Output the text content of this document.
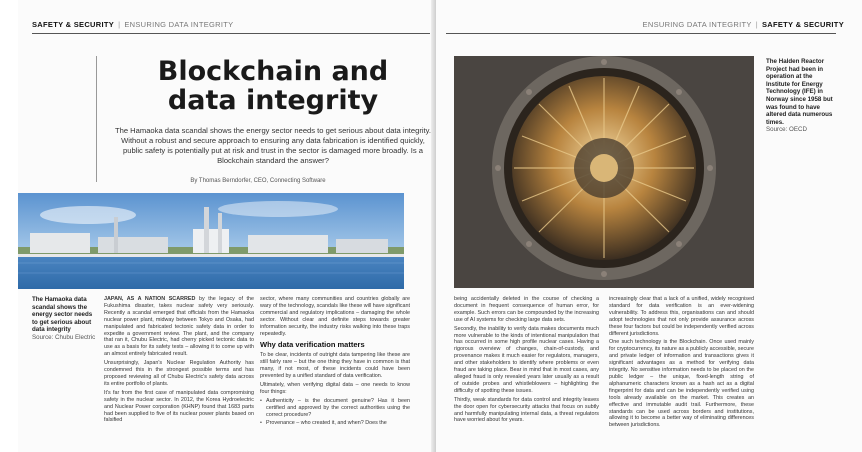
SAFETY & SECURITY | ENSURING DATA INTEGRITY
Blockchain and
data integrity
The Hamaoka data scandal shows the energy sector needs to get serious about data integrity. Without a robust and secure approach to ensuring any data fabrication is identified quickly, public safety is potentially put at risk and trust in the sector is damaged more broadly. Is a Blockchain standard the answer?
By Thomas Berndorfer, CEO, Connecting Software
The Hamaoka data scandal shows the energy sector needs to get serious about data integrity
Source: Chubu Electric

JAPAN, AS A NATION SCARRED by the legacy of the Fukushima disaster, takes nuclear safety very seriously. Recently a scandal emerged that officials from the Hamaoka nuclear power plant, midway between Tokyo and Osaka, had manipulated and fabricated tectonic safety data in order to expedite a government review. The plant, and the company that ran it, Chubu Electric, had cherry picked tectonic data to use as a basis for its safety tests – allowing it to come up with an almost entirely fabricated result.

Unsurprisingly, Japan's Nuclear Regulation Authority has condemned this in the strongest possible terms and has proposed reviewing all of Chubu Electric's safety data across its entire portfolio of plants.

It's far from the first case of manipulated data compromising safety in the nuclear sector. In 2012, the Korea Hydroelectric and Nuclear Power corporation (KHNP) found that 1683 parts had been supplied to five of its nuclear power plants based on falsified

sector, where many communities and countries globally are wary of the technology, scandals like these will have significant commercial and regulatory implications – damaging the whole sector. Without clear and definite steps towards greater information security, the industry risks walking into these traps repeatedly.

Why data verification matters

To be clear, incidents of outright data tampering like these are still fairly rare – but the one thing they have in common is that many, if not most, of these incidents could have been prevented by a unified standard of data verification.

Ultimately, when verifying digital data – one needs to know four things:

• Authenticity – is the document genuine? Has it been certified and approved by the correct authorities using the correct procedure?
• Provenance – who created it, and when? Does the
ENSURING DATA INTEGRITY | SAFETY & SECURITY
The Halden Reactor Project had been in operation at the Institute for Energy Technology (IFE) in Norway since 1958 but was found to have altered data numerous times.
Source: OECD

being accidentally deleted in the course of checking a document in frequent consequence of human error, for example. Such errors can be compounded by the increasing use of AI systems for checking large data sets.

Secondly, the inability to verify data makes documents much more vulnerable to the kinds of intentional manipulation that has occurred in some high profile nuclear cases. Having a rigorous overview of changes, chain-of-custody, and provenance makes it much easier for regulators, managers, and other stakeholders to identify where problems or even fraud are taking place. Bear in mind that in most cases, any alleged fraud is only revealed years later usually as a result of outside probes and whistleblowers – highlighting the difficulty of spotting these issues.

Thirdly, weak standards for data control and integrity leaves the door open for cybersecurity attacks that focus on subtly and harmfully manipulating internal data, a threat regulators have worried about for years.

increasingly clear that a lack of a unified, widely recognised standard for data verification is an ever-widening vulnerability. To address this, organisations can and should adopt technologies that not only provide assurance across these four factors but could be independently verified across different jurisdictions.

One such technology is the Blockchain. Once used mainly for cryptocurrency, its nature as a publicly accessible, secure and private ledger of information and transactions gives it significant advantages as a method for verifying data integrity. No sensitive information needs to be placed on the public ledger – the unique, fixed-length string of alphanumeric characters known as a hash act as a digital fingerprint for data and can be independently verified using tools already available on the market. This creates an effective and immutable audit trail. Furthermore, these standards can be used across borders and institutions, allowing it to become a better way of eliminating differences between jurisdictions.
